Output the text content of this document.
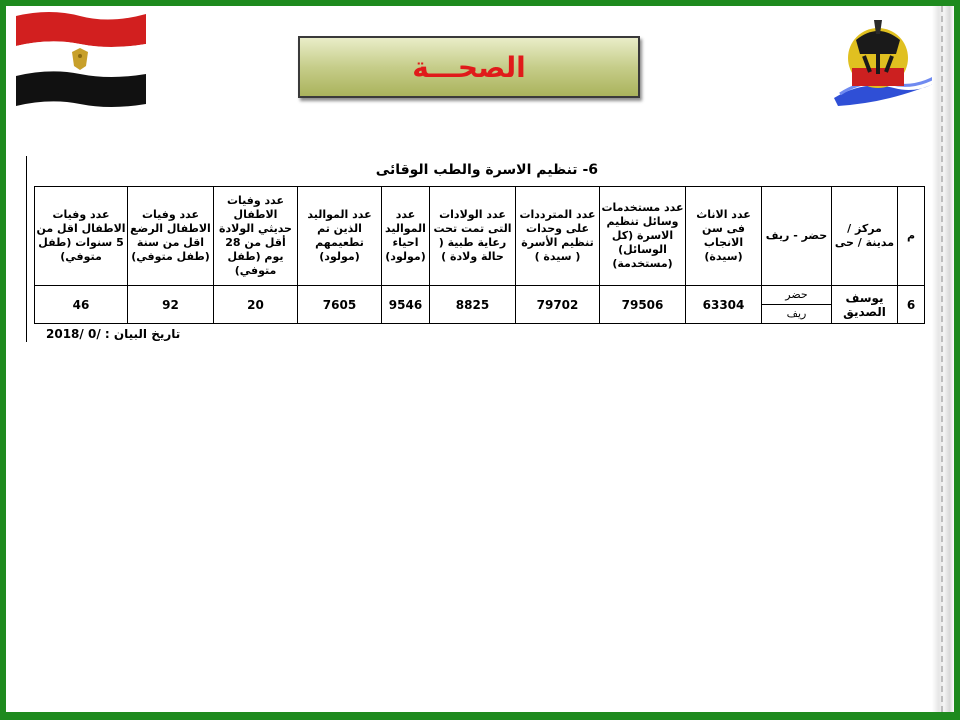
الصحـــة
6- تنظيم الاسرة والطب الوقائى
م	مركز / مدينة / حى	حضر - ريف	عدد الاناث فى سن الانجاب (سيدة)	عدد مستخدمات وسائل تنظيم الاسرة (كل الوسائل) (مستخدمة)	عدد المترددات على وحدات تنظيم الأسرة ( سيدة )	عدد الولادات التى تمت تحت رعاية طبية ( حالة ولادة )	عدد المواليد احياء (مولود)	عدد المواليد الذين تم تطعيمهم (مولود)	عدد وفيات الاطفال حديثي الولادة أقل من 28 يوم (طفل متوفي)	عدد وفيات الاطفال الرضع اقل من سنة (طفل متوفي)	عدد وفيات الاطفال اقل من 5 سنوات (طفل متوفي)
6	يوسف الصديق	حضر	63304	79506	79702	8825	9546	7605	20	92	46
		ريف									
تاريخ البيان : /0 /2018
